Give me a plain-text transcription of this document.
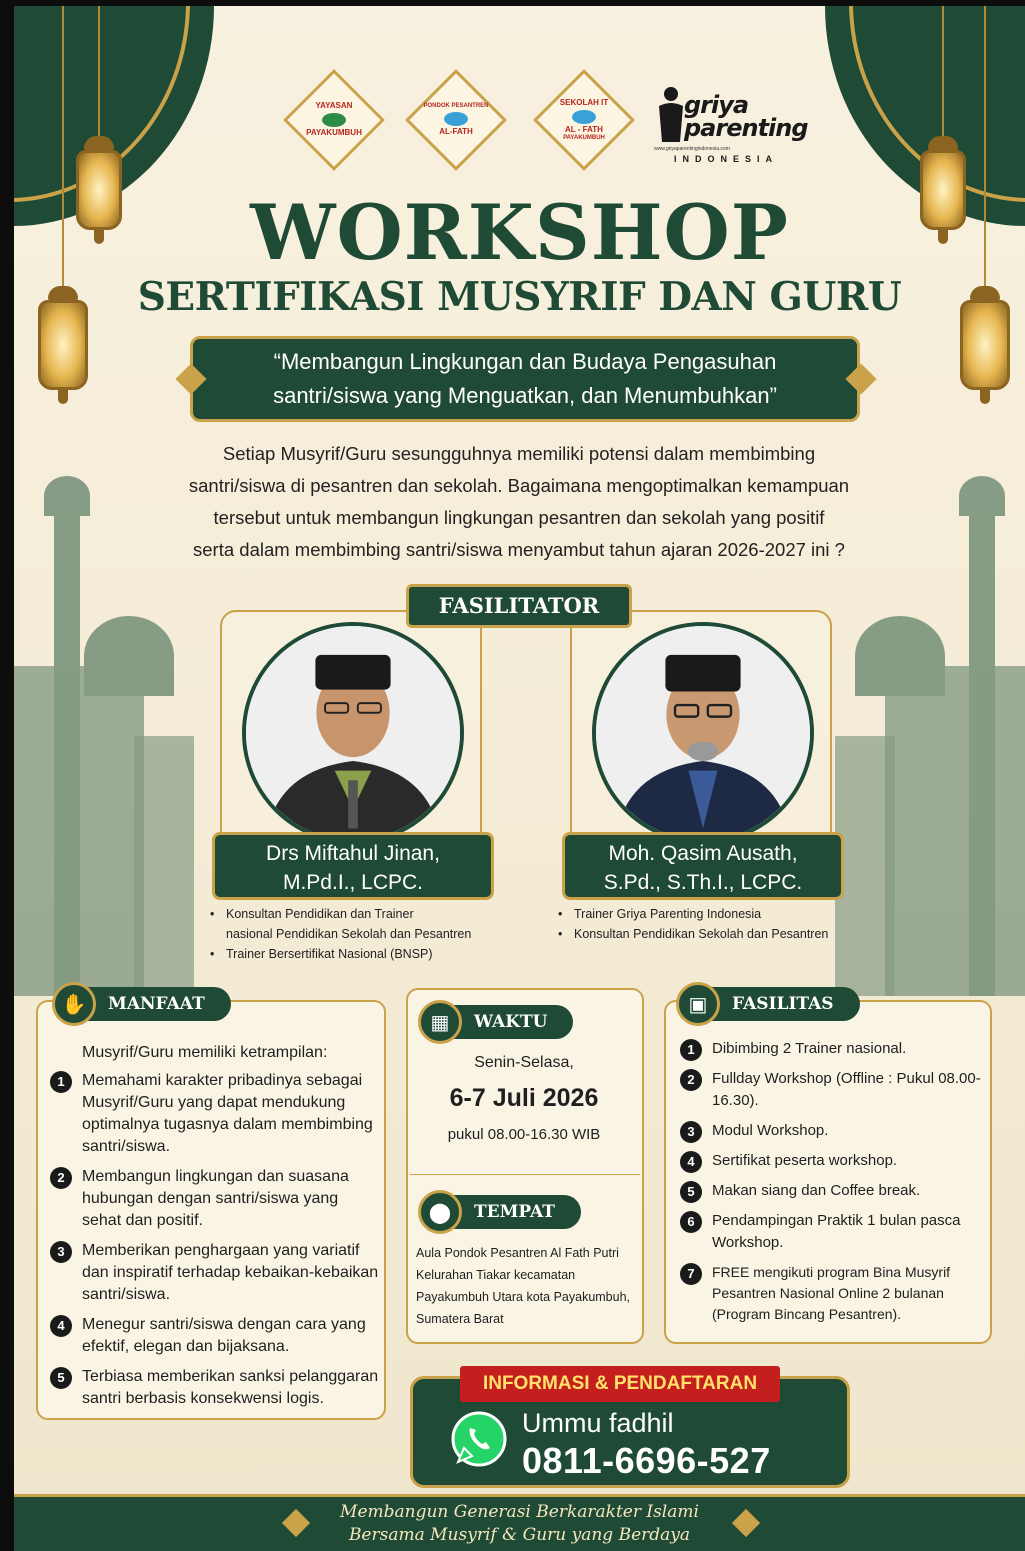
YAYASAN
PAYAKUMBUH
PONDOK PESANTREN
AL-FATH
SEKOLAH IT
AL - FATH
PAYAKUMBUH
griya
parenting
www.griyaparentingindonesia.com
INDONESIA
WORKSHOP
SERTIFIKASI MUSYRIF DAN GURU
“Membangun Lingkungan dan Budaya Pengasuhan
santri/siswa yang Menguatkan, dan Menumbuhkan”
Setiap Musyrif/Guru sesungguhnya memiliki potensi dalam membimbing
santri/siswa di pesantren dan sekolah. Bagaimana mengoptimalkan kemampuan
tersebut untuk membangun lingkungan pesantren dan sekolah yang positif
serta dalam membimbing santri/siswa menyambut tahun ajaran 2026-2027 ini ?
Drs Miftahul Jinan,
M.Pd.I., LCPC.
Moh. Qasim Ausath,
S.Pd., S.Th.I., LCPC.
FASILITATOR
• Konsultan Pendidikan dan Trainer
nasional Pendidikan Sekolah dan Pesantren
• Trainer Bersertifikat Nasional (BNSP)
• Trainer Griya Parenting Indonesia
• Konsultan Pendidikan Sekolah dan Pesantren
✋	MANFAAT
Musyrif/Guru memiliki ketrampilan:
1	Memahami karakter pribadinya sebagai Musyrif/Guru yang dapat mendukung optimalnya tugasnya dalam membimbing santri/siswa.
2	Membangun lingkungan dan suasana hubungan dengan santri/siswa yang sehat dan positif.
3	Memberikan penghargaan yang variatif dan inspiratif terhadap kebaikan-kebaikan santri/siswa.
4	Menegur santri/siswa dengan cara yang efektif, elegan dan bijaksana.
5	Terbiasa memberikan sanksi pelanggaran santri berbasis konsekwensi logis.
▦	WAKTU
Senin-Selasa,
6-7 Juli 2026
pukul 08.00-16.30 WIB
⬤	TEMPAT
Aula Pondok Pesantren Al Fath Putri
Kelurahan Tiakar kecamatan
Payakumbuh Utara kota Payakumbuh,
Sumatera Barat
▣	FASILITAS
1	Dibimbing 2 Trainer nasional.
2	Fullday Workshop (Offline : Pukul 08.00-16.30).
3	Modul Workshop.
4	Sertifikat peserta workshop.
5	Makan siang dan Coffee break.
6	Pendampingan Praktik 1 bulan pasca Workshop.
7	FREE mengikuti program Bina Musyrif Pesantren Nasional Online 2 bulanan (Program Bincang Pesantren).
INFORMASI & PENDAFTARAN
Ummu fadhil
0811-6696-527
Membangun Generasi Berkarakter Islami
Bersama Musyrif & Guru yang Berdaya
